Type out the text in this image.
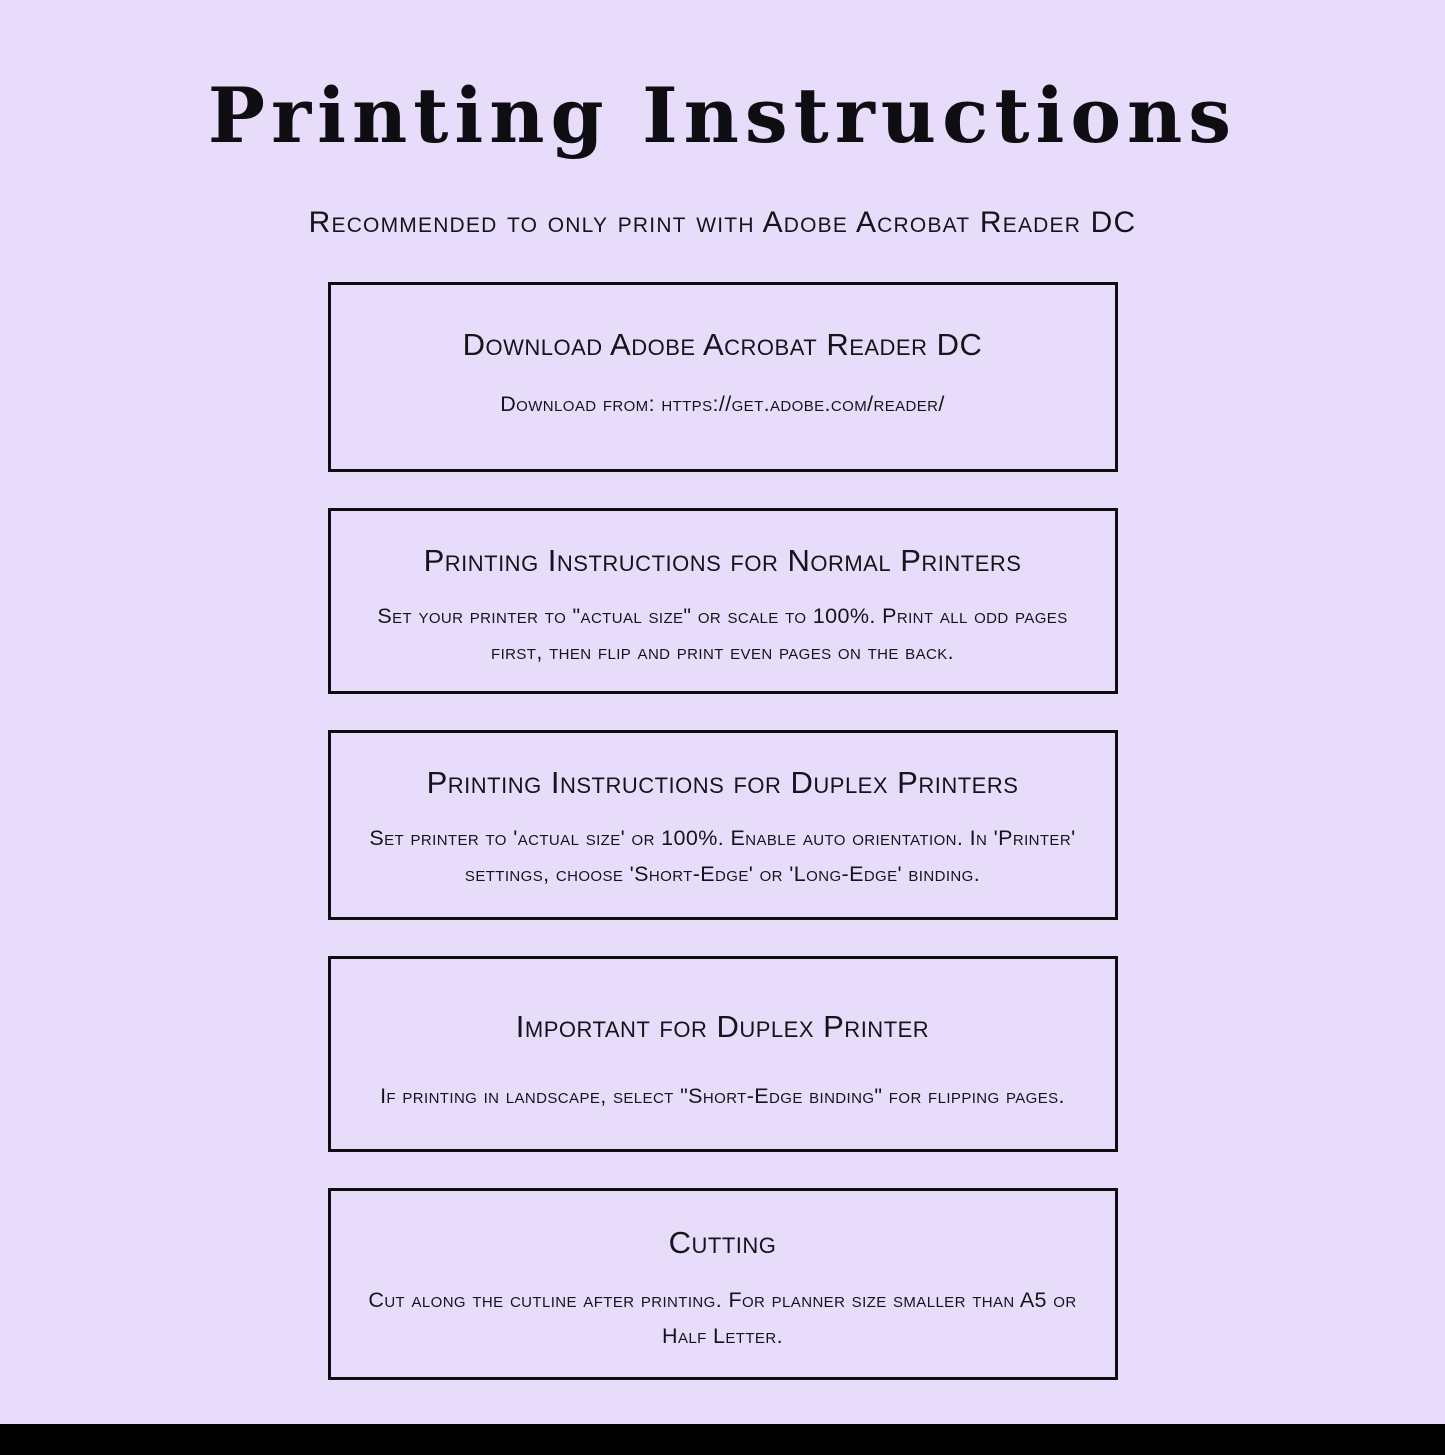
Printing Instructions

Recommended to only print with Adobe Acrobat Reader DC

Download Adobe Acrobat Reader DC
Download from: https://get.adobe.com/reader/
Printing Instructions for Normal Printers
Set your printer to "actual size" or scale to 100%. Print all odd pages first, then flip and print even pages on the back.
Printing Instructions for Duplex Printers
Set printer to 'actual size' or 100%. Enable auto orientation. In 'Printer' settings, choose 'Short-Edge' or 'Long-Edge' binding.
Important for Duplex Printer
If printing in landscape, select "Short-Edge binding" for flipping pages.
Cutting
Cut along the cutline after printing. For planner size smaller than A5 or Half Letter.
